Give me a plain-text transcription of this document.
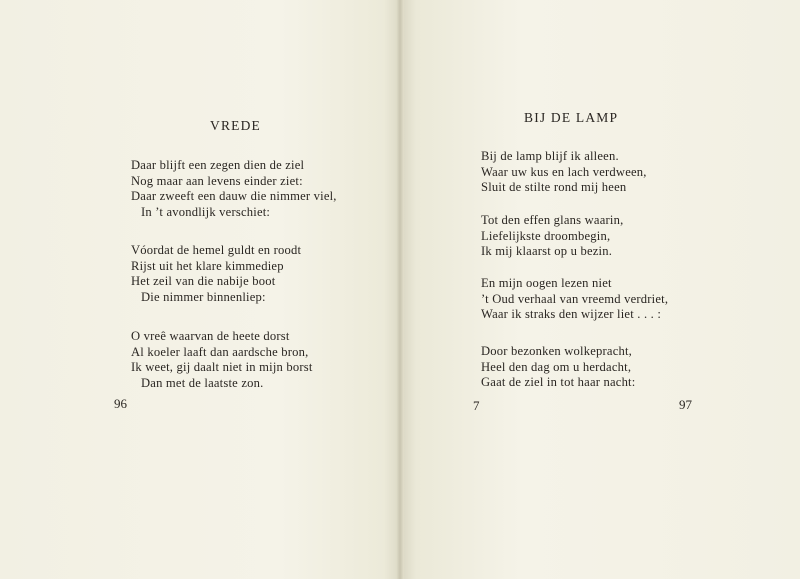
VREDE
Daar blijft een zegen dien de ziel
Nog maar aan levens einder ziet:
Daar zweeft een dauw die nimmer viel,
In ’t avondlijk verschiet:
Vóordat de hemel guldt en roodt
Rijst uit het klare kimmediep
Het zeil van die nabije boot
Die nimmer binnenliep:
O vreê waarvan de heete dorst
Al koeler laaft dan aardsche bron,
Ik weet, gij daalt niet in mijn borst
Dan met de laatste zon.

96

BIJ DE LAMP
Bij de lamp blijf ik alleen.
Waar uw kus en lach verdween,
Sluit de stilte rond mij heen
Tot den effen glans waarin,
Liefelijkste droombegin,
Ik mij klaarst op u bezin.
En mijn oogen lezen niet
’t Oud verhaal van vreemd verdriet,
Waar ik straks den wijzer liet . . . :
Door bezonken wolkepracht,
Heel den dag om u herdacht,
Gaat de ziel in tot haar nacht:

7	97
